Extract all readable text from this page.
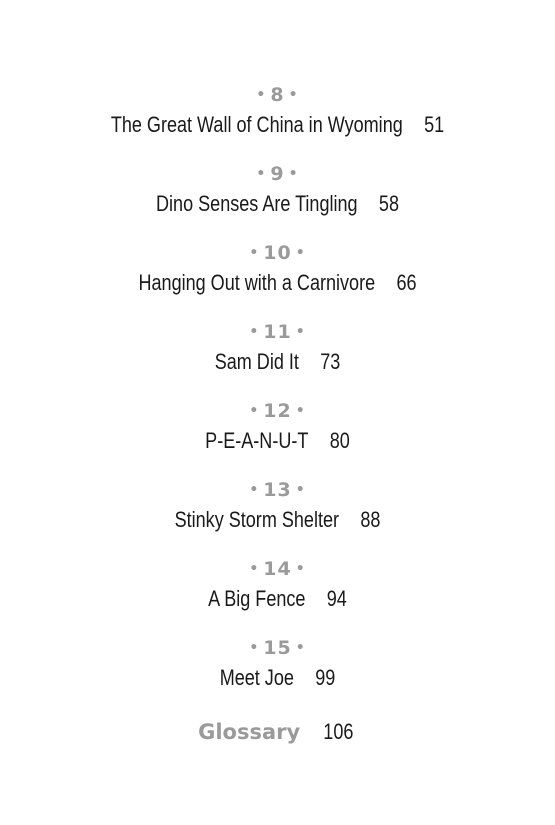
• 8 •
The Great Wall of China in Wyoming 51
• 9 •
Dino Senses Are Tingling 58
• 10 •
Hanging Out with a Carnivore 66
• 11 •
Sam Did It 73
• 12 •
P-E-A-N-U-T 80
• 13 •
Stinky Storm Shelter 88
• 14 •
A Big Fence 94
• 15 •
Meet Joe 99
Glossary 106
